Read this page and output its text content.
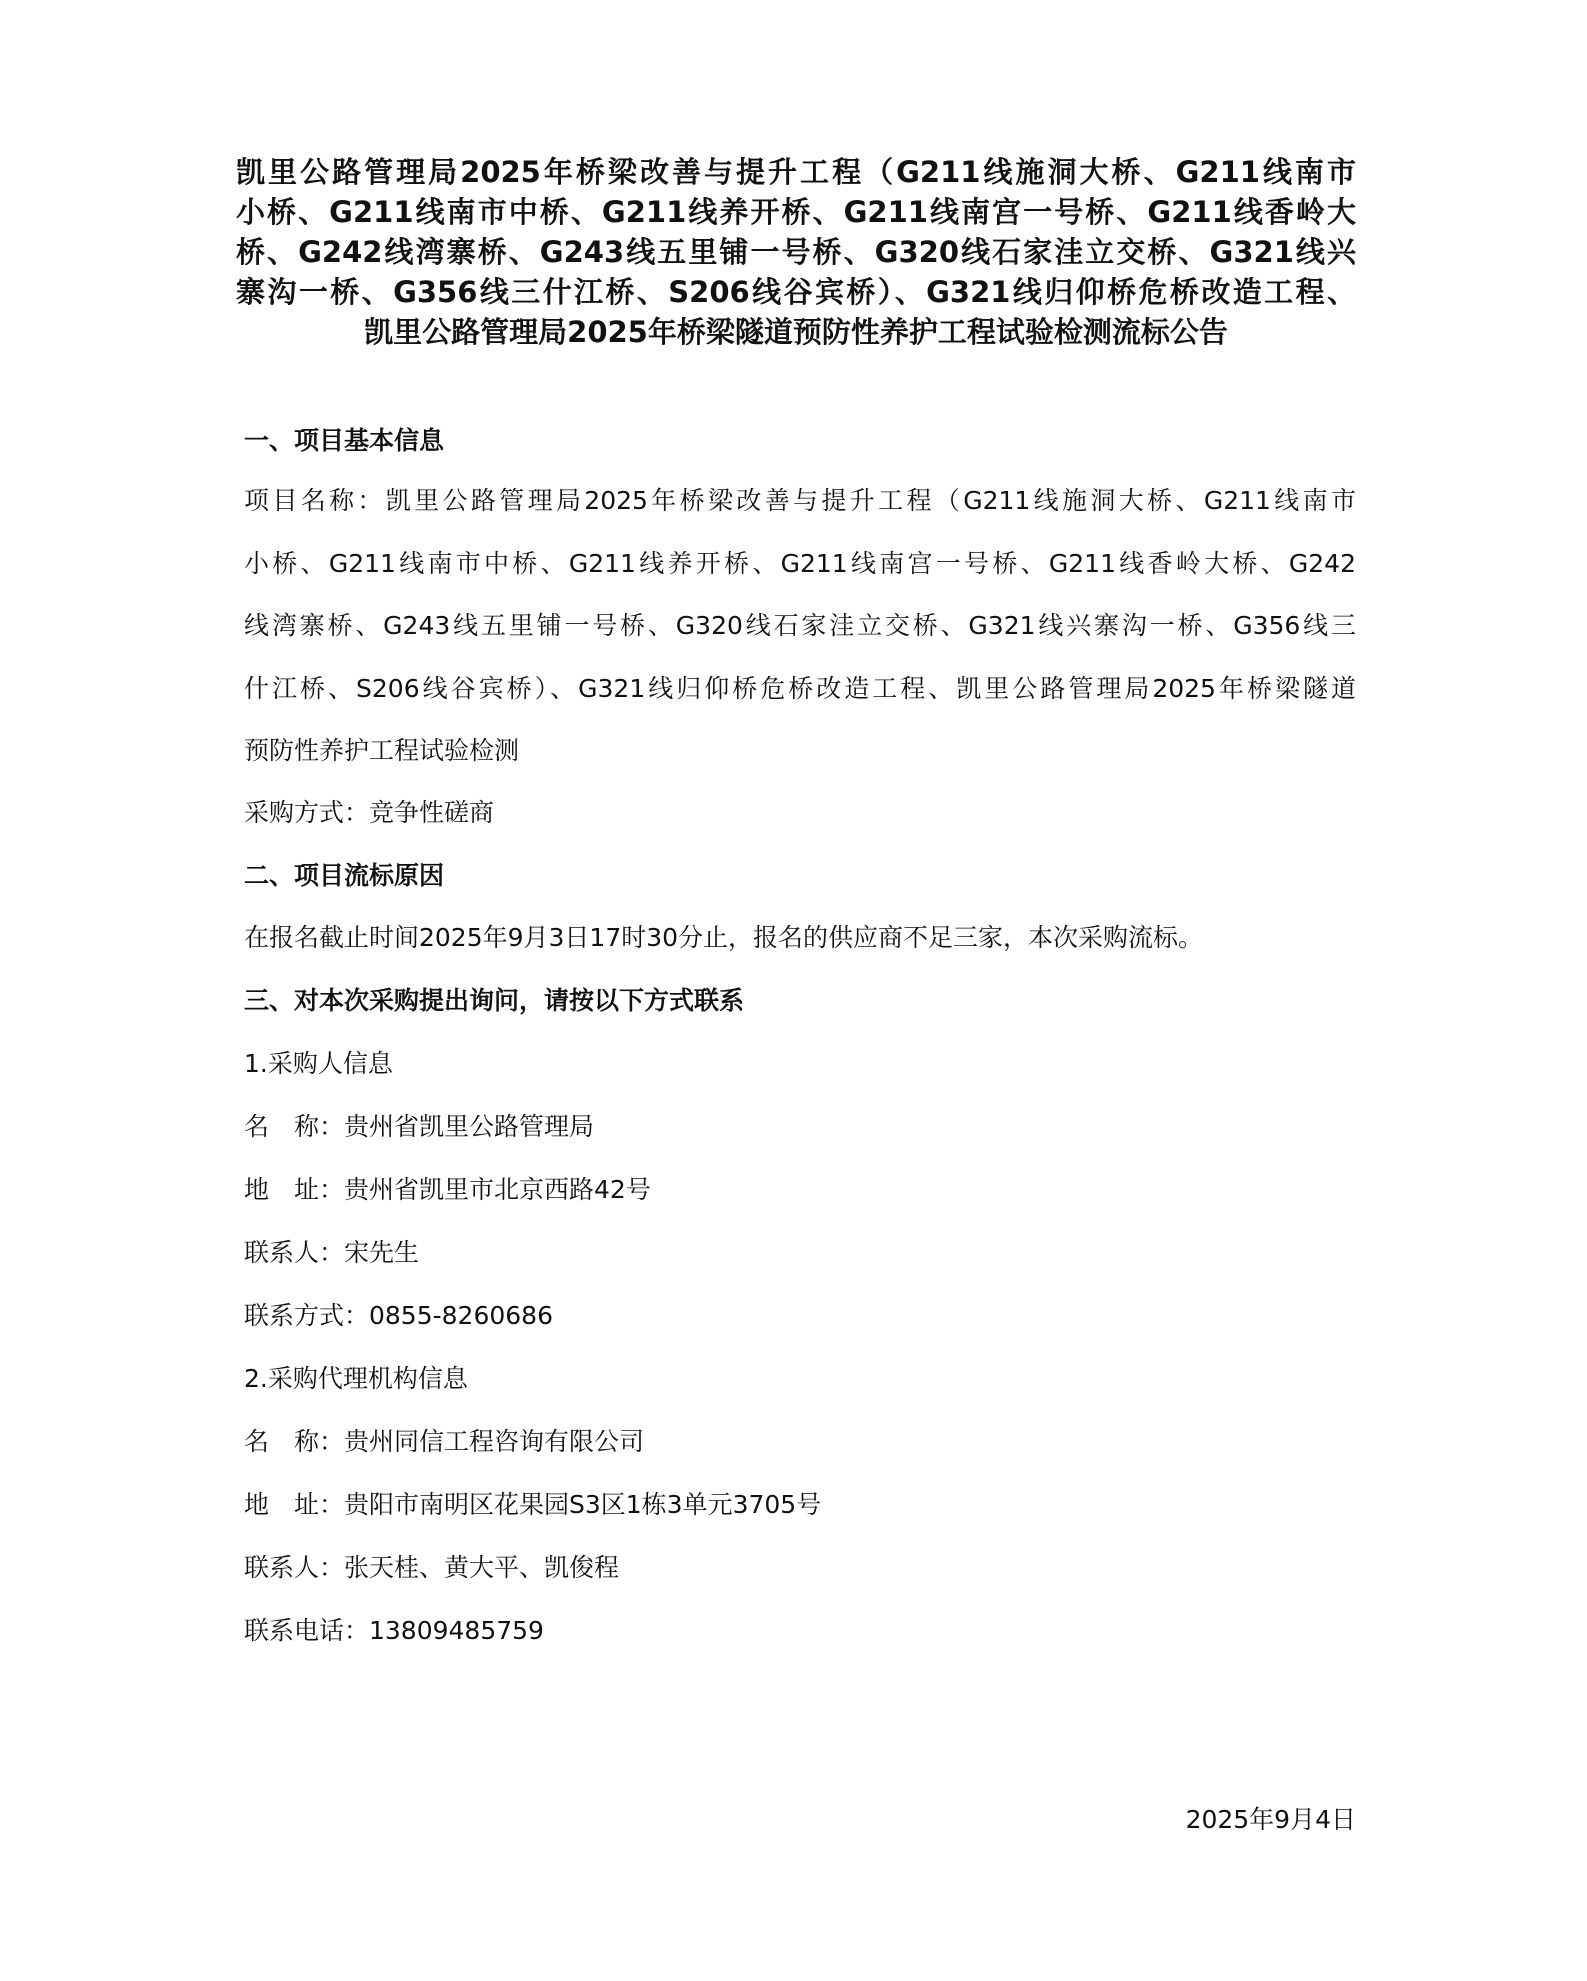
凯里公路管理局2025年桥梁改善与提升工程（G211线施洞大桥、G211线南市
小桥、G211线南市中桥、G211线养开桥、G211线南宫一号桥、G211线香岭大
桥、G242线湾寨桥、G243线五里铺一号桥、G320线石家洼立交桥、G321线兴
寨沟一桥、G356线三什江桥、S206线谷宾桥）、G321线归仰桥危桥改造工程、
凯里公路管理局2025年桥梁隧道预防性养护工程试验检测流标公告
一、项目基本信息
项目名称：凯里公路管理局2025年桥梁改善与提升工程（G211线施洞大桥、G211线南市
小桥、G211线南市中桥、G211线养开桥、G211线南宫一号桥、G211线香岭大桥、G242
线湾寨桥、G243线五里铺一号桥、G320线石家洼立交桥、G321线兴寨沟一桥、G356线三
什江桥、S206线谷宾桥）、G321线归仰桥危桥改造工程、凯里公路管理局2025年桥梁隧道
预防性养护工程试验检测
采购方式：竞争性磋商
二、项目流标原因
在报名截止时间2025年9月3日17时30分止，报名的供应商不足三家，本次采购流标。
三、对本次采购提出询问，请按以下方式联系
1.采购人信息
名　称：贵州省凯里公路管理局
地　址：贵州省凯里市北京西路42号
联系人：宋先生
联系方式：0855-8260686
2.采购代理机构信息
名　称：贵州同信工程咨询有限公司
地　址：贵阳市南明区花果园S3区1栋3单元3705号
联系人：张天桂、黄大平、凯俊程
联系电话：13809485759
2025年9月4日
